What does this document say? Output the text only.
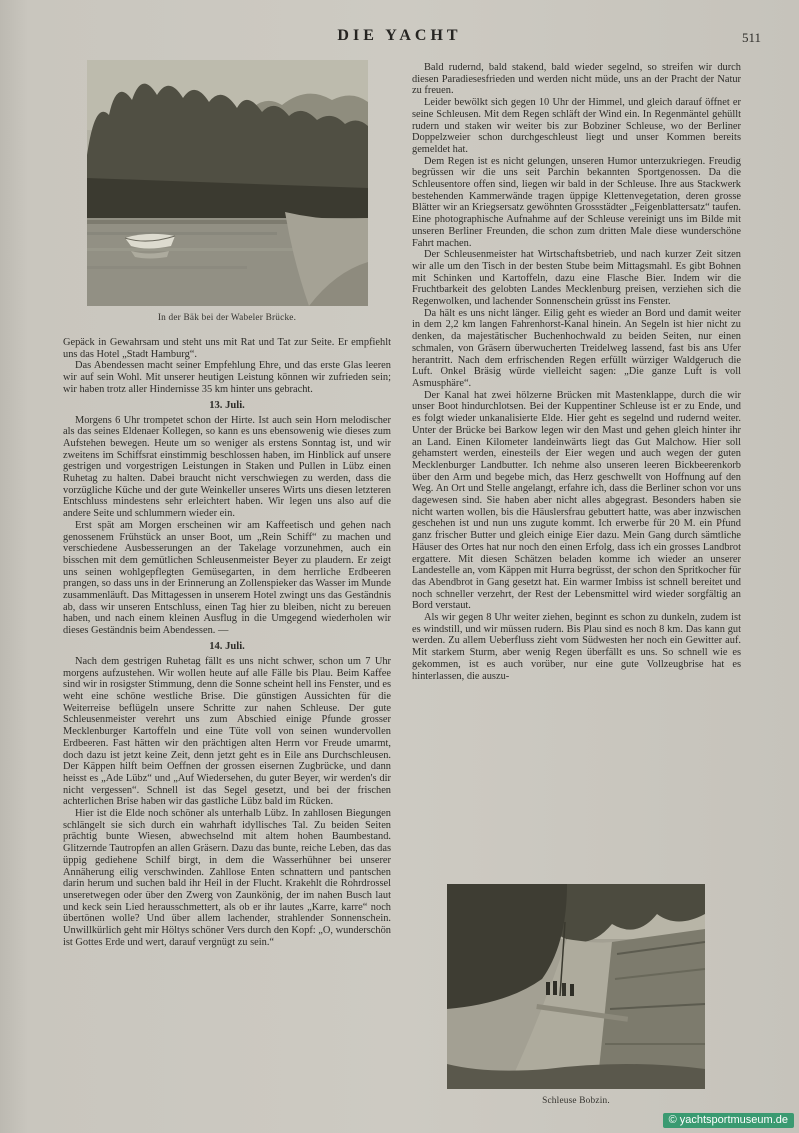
DIE YACHT	511
In der Bäk bei der Wabeler Brücke.

Gepäck in Gewahrsam und steht uns mit Rat und Tat zur Seite. Er empfiehlt uns das Hotel „Stadt Hamburg“.

Das Abendessen macht seiner Empfehlung Ehre, und das erste Glas leeren wir auf sein Wohl. Mit unserer heutigen Leistung können wir zufrieden sein; wir haben trotz aller Hindernisse 35 km hinter uns gebracht.

13. Juli.

Morgens 6 Uhr trompetet schon der Hirte. Ist auch sein Horn melodischer als das seines Eldenaer Kollegen, so kann es uns ebensowenig wie dieses zum Aufstehen bewegen. Heute um so weniger als erstens Sonntag ist, und wir zweitens im Schiffsrat einstimmig beschlossen haben, im Hinblick auf unsere gestrigen und vorgestrigen Leistungen in Staken und Pullen in Lübz einen Ruhetag zu halten. Dabei braucht nicht verschwiegen zu werden, dass die vorzügliche Küche und der gute Weinkeller unseres Wirts uns diesen letzteren Entschluss mindestens sehr erleichtert haben. Wir legen uns also auf die andere Seite und schlummern wieder ein.

Erst spät am Morgen erscheinen wir am Kaffeetisch und gehen nach genossenem Frühstück an unser Boot, um „Rein Schiff“ zu machen und verschiedene Ausbesserungen an der Takelage vorzunehmen, auch ein bisschen mit dem gemütlichen Schleusenmeister Beyer zu plaudern. Er zeigt uns seinen wohlgepflegten Gemüsegarten, in dem herrliche Erdbeeren prangen, so dass uns in der Erinnerung an Zollenspieker das Wasser im Munde zusammenläuft. Das Mittagessen in unserem Hotel zwingt uns das Geständnis ab, dass wir unseren Entschluss, einen Tag hier zu bleiben, nicht zu bereuen haben, und nach einem kleinen Ausflug in die Umgegend wiederholen wir dieses Geständnis beim Abendessen. —

14. Juli.

Nach dem gestrigen Ruhetag fällt es uns nicht schwer, schon um 7 Uhr morgens aufzustehen. Wir wollen heute auf alle Fälle bis Plau. Beim Kaffee sind wir in rosigster Stimmung, denn die Sonne scheint hell ins Fenster, und es weht eine schöne westliche Brise. Die günstigen Aussichten für die Weiterreise beflügeln unsere Schritte zur nahen Schleuse. Der gute Schleusenmeister verehrt uns zum Abschied einige Pfunde grosser Mecklenburger Kartoffeln und eine Tüte voll von seinen wundervollen Erdbeeren. Fast hätten wir den prächtigen alten Herrn vor Freude umarmt, doch dazu ist jetzt keine Zeit, denn jetzt geht es in Eile ans Durchschleusen. Der Käppen hilft beim Oeffnen der grossen eisernen Zugbrücke, und dann heisst es „Ade Lübz“ und „Auf Wiedersehen, du guter Beyer, wir werden's dir nicht vergessen“. Schnell ist das Segel gesetzt, und bei der frischen achterlichen Brise haben wir das gastliche Lübz bald im Rücken.

Hier ist die Elde noch schöner als unterhalb Lübz. In zahllosen Biegungen schlängelt sie sich durch ein wahrhaft idyllisches Tal. Zu beiden Seiten prächtig bunte Wiesen, abwechselnd mit altem hohen Baumbestand. Glitzernde Tautropfen an allen Gräsern. Dazu das bunte, reiche Leben, das das üppig gediehene Schilf birgt, in dem die Wasserhühner bei unserer Annäherung eilig verschwinden. Zahllose Enten schnattern und pantschen darin herum und suchen bald ihr Heil in der Flucht. Krakehlt die Rohrdrossel unseretwegen oder über den Zwerg von Zaunkönig, der im nahen Busch laut und keck sein Lied herausschmettert, als ob er ihr lautes „Karre, karre“ noch übertönen wolle? Und über allem lachender, strahlender Sonnenschein. Unwillkürlich geht mir Höltys schöner Vers durch den Kopf: „O, wunderschön ist Gottes Erde und wert, darauf vergnügt zu sein.“

Bald rudernd, bald stakend, bald wieder segelnd, so streifen wir durch diesen Paradiesesfrieden und werden nicht müde, uns an der Pracht der Natur zu freuen.

Leider bewölkt sich gegen 10 Uhr der Himmel, und gleich darauf öffnet er seine Schleusen. Mit dem Regen schläft der Wind ein. In Regenmäntel gehüllt rudern und staken wir weiter bis zur Bobziner Schleuse, wo der Berliner Doppelzweier schon durchgeschleust liegt und unser Kommen bereits gemeldet hat.

Dem Regen ist es nicht gelungen, unseren Humor unterzukriegen. Freudig begrüssen wir die uns seit Parchin bekannten Sportgenossen. Da die Schleusentore offen sind, liegen wir bald in der Schleuse. Ihre aus Stackwerk bestehenden Kammerwände tragen üppige Klettenvegetation, deren grosse Blätter wir an Kriegsersatz gewöhnten Grossstädter „Feigenblattersatz“ taufen. Eine photographische Aufnahme auf der Schleuse vereinigt uns im Bilde mit unseren Berliner Freunden, die schon zum dritten Male diese wunderschöne Fahrt machen.

Der Schleusenmeister hat Wirtschaftsbetrieb, und nach kurzer Zeit sitzen wir alle um den Tisch in der besten Stube beim Mittagsmahl. Es gibt Bohnen mit Schinken und Kartoffeln, dazu eine Flasche Bier. Indem wir die Fruchtbarkeit des gelobten Landes Mecklenburg preisen, verziehen sich die Regenwolken, und lachender Sonnenschein grüsst ins Fenster.

Da hält es uns nicht länger. Eilig geht es wieder an Bord und damit weiter in dem 2,2 km langen Fahrenhorst-Kanal hinein. An Segeln ist hier nicht zu denken, da majestätischer Buchenhochwald zu beiden Seiten, nur einen schmalen, von Gräsern überwucherten Treidelweg lassend, fast bis ans Ufer herantritt. Nach dem erfrischenden Regen erfüllt würziger Waldgeruch die Luft. Onkel Bräsig würde vielleicht sagen: „Die ganze Luft is voll Asmusphäre“.

Der Kanal hat zwei hölzerne Brücken mit Mastenklappe, durch die wir unser Boot hindurchlotsen. Bei der Kuppentiner Schleuse ist er zu Ende, und es folgt wieder unkanalisierte Elde. Hier geht es segelnd und rudernd weiter. Unter der Brücke bei Barkow legen wir den Mast und gehen gleich hinter ihr an Land. Einen Kilometer landeinwärts liegt das Gut Malchow. Hier soll gehamstert werden, einesteils der Eier wegen und auch wegen der guten Mecklenburger Landbutter. Ich nehme also unseren leeren Bickbeerenkorb über den Arm und begebe mich, das Herz geschwellt von Hoffnung auf den Weg. An Ort und Stelle angelangt, erfahre ich, dass die Berliner schon vor uns dagewesen sind. Sie haben aber nicht alles abgegrast. Besonders haben sie nicht warten wollen, bis die Häuslersfrau gebuttert hatte, was aber inzwischen geschehen ist und nun uns zugute kommt. Ich erwerbe für 20 M. ein Pfund ganz frischer Butter und gleich einige Eier dazu. Mein Gang durch sämtliche Häuser des Ortes hat nur noch den einen Erfolg, dass ich ein grosses Landbrot ergattere. Mit diesen Schätzen beladen komme ich wieder an unserer Landestelle an, vom Käppen mit Hurra begrüsst, der schon den Spritkocher für das Abendbrot in Gang gesetzt hat. Ein warmer Imbiss ist schnell bereitet und noch schneller verzehrt, der Rest der Lebensmittel wird wieder sorgfältig an Bord verstaut.

Als wir gegen 8 Uhr weiter ziehen, beginnt es schon zu dunkeln, zudem ist es windstill, und wir müssen rudern. Bis Plau sind es noch 8 km. Das kann gut werden. Zu allem Ueberfluss zieht vom Südwesten her noch ein Gewitter auf. Mit starkem Sturm, aber wenig Regen überfällt es uns. So schnell wie es gekommen, ist es auch vorüber, nur eine gute Vollzeugbrise hat es hinterlassen, die auszu-

Schleuse Bobzin.
© yachtsportmuseum.de
